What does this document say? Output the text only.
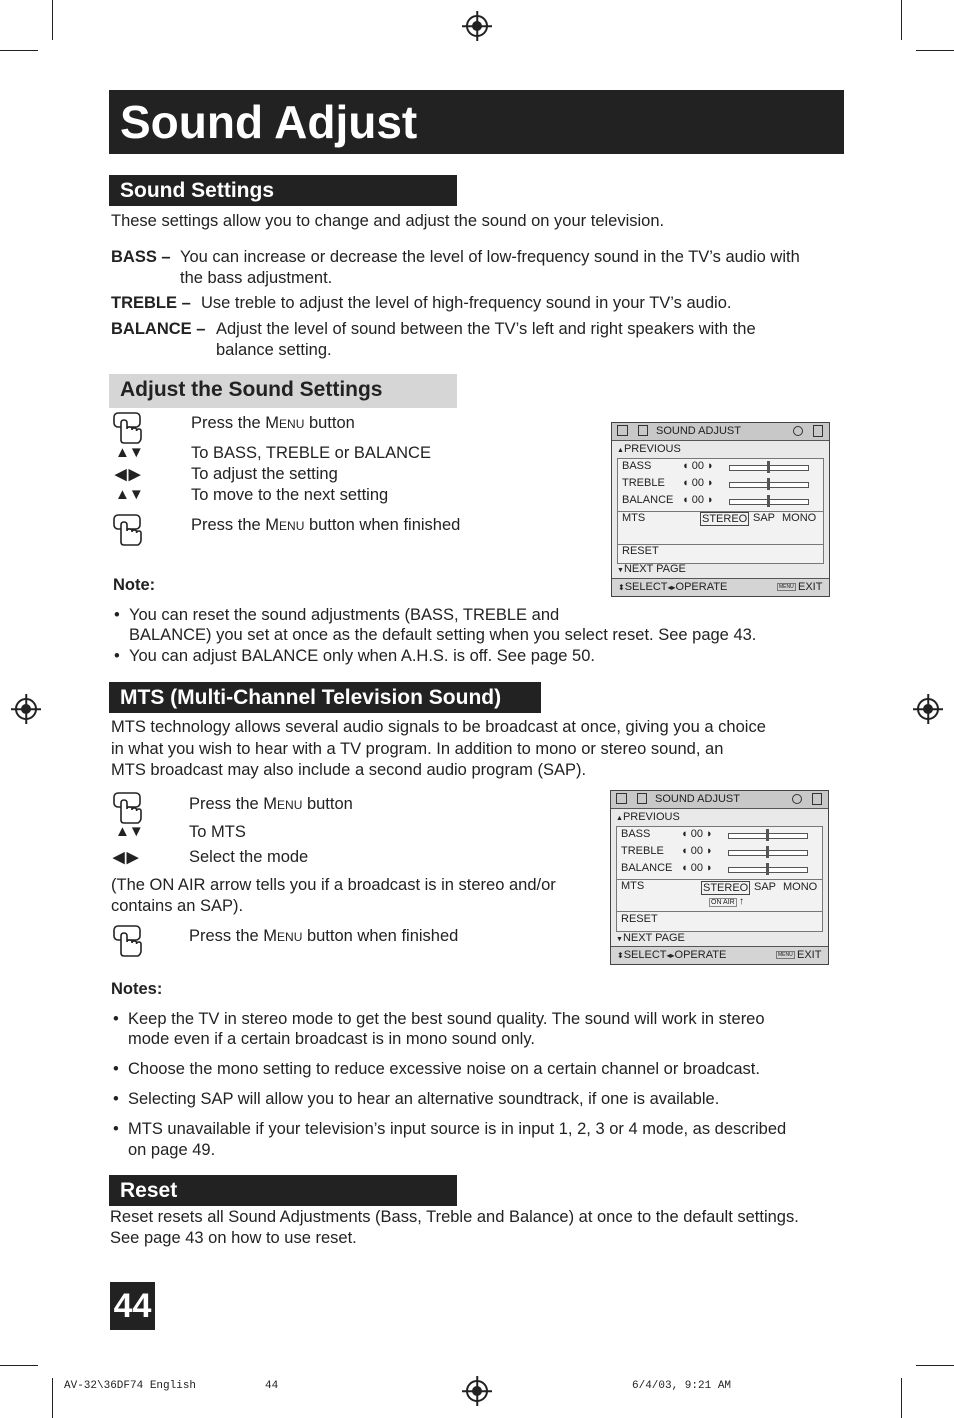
Sound Adjust
Sound Settings
These settings allow you to change and adjust the sound on your television.
BASS – You can increase or decrease the level of low-frequency sound in the TV’s audio with
the bass adjustment.
TREBLE – Use treble to adjust the level of high-frequency sound in your TV’s audio.
BALANCE – Adjust the level of sound between the TV’s left and right speakers with the
balance setting.
Adjust the Sound Settings
Press the MENU button
▲▼	To BASS, TREBLE or BALANCE
◀ ▶	To adjust the setting
▲▼	To move to the next setting
Press the MENU button when finished
SOUND ADJUST
▲PREVIOUS
BASS	◖ 00 ◗
TREBLE ◖ 00 ◗
BALANCE ◖ 00 ◗
MTS	STEREO SAP MONO
RESET
▼NEXT PAGE
⬍SELECT◂▸OPERATE	MENU EXIT
Note:
• You can reset the sound adjustments (BASS, TREBLE and
BALANCE) you set at once as the default setting when you select reset. See page 43.
• You can adjust BALANCE only when A.H.S. is off. See page 50.
MTS (Multi-Channel Television Sound)
MTS technology allows several audio signals to be broadcast at once, giving you a choice
in what you wish to hear with a TV program. In addition to mono or stereo sound, an
MTS broadcast may also include a second audio program (SAP).
Press the MENU button
▲▼	To MTS
◀ ▶	Select the mode
(The ON AIR arrow tells you if a broadcast is in stereo and/or
contains an SAP).
Press the MENU button when finished
SOUND ADJUST
▲PREVIOUS
BASS	◖ 00 ◗
TREBLE ◖ 00 ◗
BALANCE ◖ 00 ◗
MTS	STEREO SAP MONO
ON AIR ↑
RESET
▼NEXT PAGE
⬍SELECT◂▸OPERATE	MENU EXIT
Notes:
• Keep the TV in stereo mode to get the best sound quality. The sound will work in stereo
mode even if a certain broadcast is in mono sound only.
• Choose the mono setting to reduce excessive noise on a certain channel or broadcast.
• Selecting SAP will allow you to hear an alternative soundtrack, if one is available.
• MTS unavailable if your television’s input source is in input 1, 2, 3 or 4 mode, as described
on page 49.
Reset
Reset resets all Sound Adjustments (Bass, Treble and Balance) at once to the default settings.
See page 43 on how to use reset.
44
AV-32\36DF74 English	44	6/4/03, 9:21 AM
